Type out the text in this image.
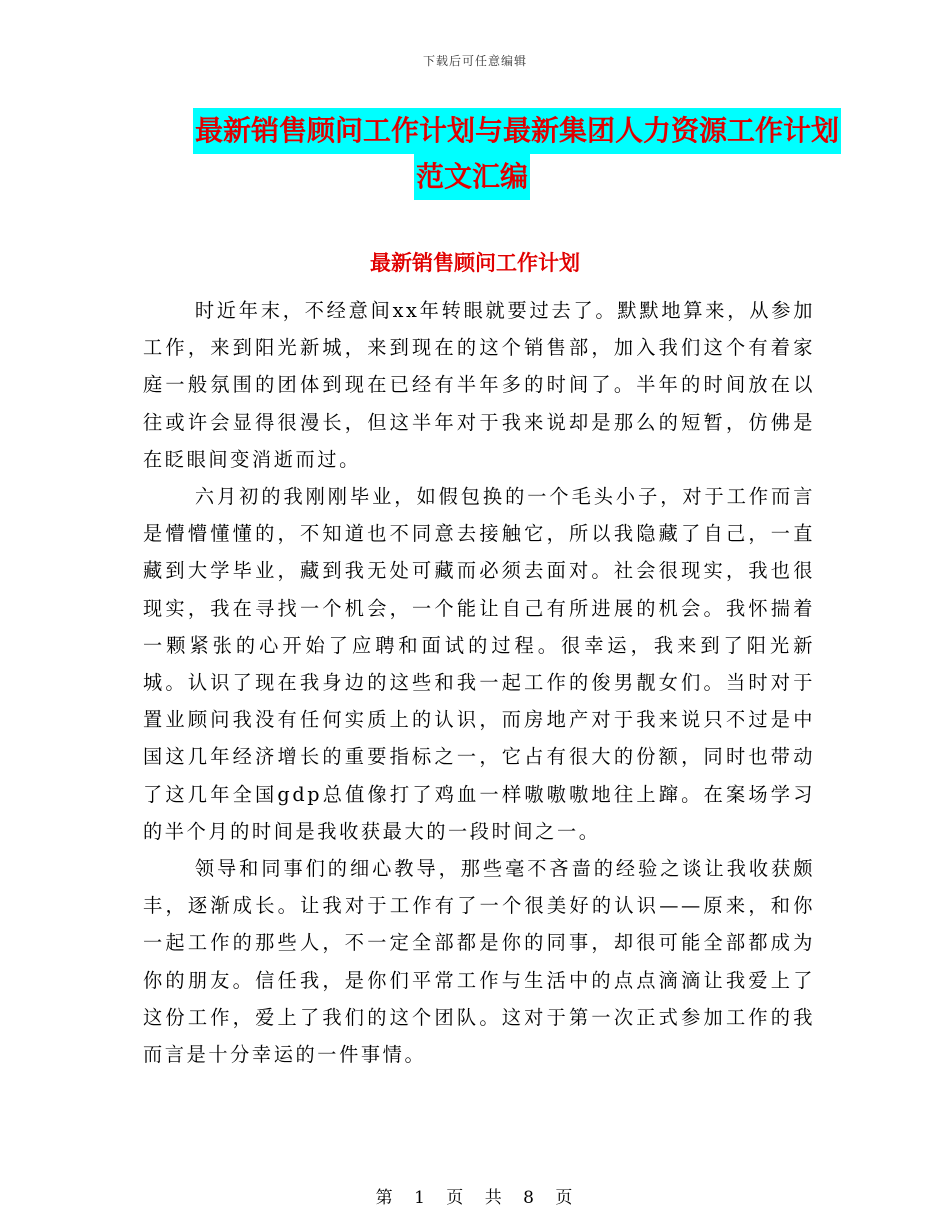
下载后可任意编辑
最新销售顾问工作计划与最新集团人力资源工作计划
范文汇编
最新销售顾问工作计划

时近年末，不经意间xx年转眼就要过去了。默默地算来，从参加工作，来到阳光新城，来到现在的这个销售部，加入我们这个有着家庭一般氛围的团体到现在已经有半年多的时间了。半年的时间放在以往或许会显得很漫长，但这半年对于我来说却是那么的短暂，仿佛是在眨眼间变消逝而过。

六月初的我刚刚毕业，如假包换的一个毛头小子，对于工作而言是懵懵懂懂的，不知道也不同意去接触它，所以我隐藏了自己，一直藏到大学毕业，藏到我无处可藏而必须去面对。社会很现实，我也很现实，我在寻找一个机会，一个能让自己有所进展的机会。我怀揣着一颗紧张的心开始了应聘和面试的过程。很幸运，我来到了阳光新城。认识了现在我身边的这些和我一起工作的俊男靓女们。当时对于置业顾问我没有任何实质上的认识，而房地产对于我来说只不过是中国这几年经济增长的重要指标之一，它占有很大的份额，同时也带动了这几年全国gdp总值像打了鸡血一样嗷嗷嗷地往上蹿。在案场学习的半个月的时间是我收获最大的一段时间之一。

领导和同事们的细心教导，那些毫不吝啬的经验之谈让我收获颇丰，逐渐成长。让我对于工作有了一个很美好的认识——原来，和你一起工作的那些人，不一定全部都是你的同事，却很可能全部都成为你的朋友。信任我，是你们平常工作与生活中的点点滴滴让我爱上了这份工作，爱上了我们的这个团队。这对于第一次正式参加工作的我而言是十分幸运的一件事情。

第 1 页 共 8 页
